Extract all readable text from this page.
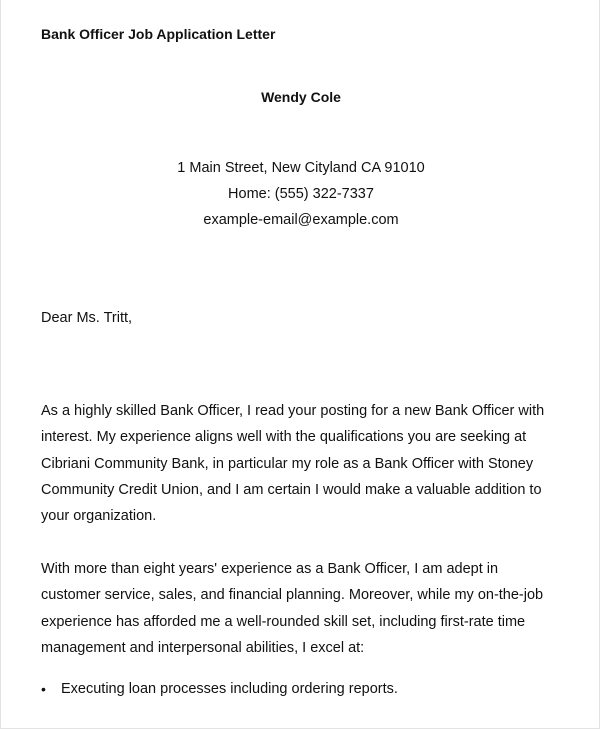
Bank Officer Job Application Letter
Wendy Cole
1 Main Street, New Cityland CA 91010
Home: (555) 322-7337
example-email@example.com
Dear Ms. Tritt,
As a highly skilled Bank Officer, I read your posting for a new Bank Officer with
interest. My experience aligns well with the qualifications you are seeking at
Cibriani Community Bank, in particular my role as a Bank Officer with Stoney
Community Credit Union, and I am certain I would make a valuable addition to
your organization.
With more than eight years' experience as a Bank Officer, I am adept in
customer service, sales, and financial planning. Moreover, while my on-the-job
experience has afforded me a well-rounded skill set, including first-rate time
management and interpersonal abilities, I excel at:
• Executing loan processes including ordering reports.
